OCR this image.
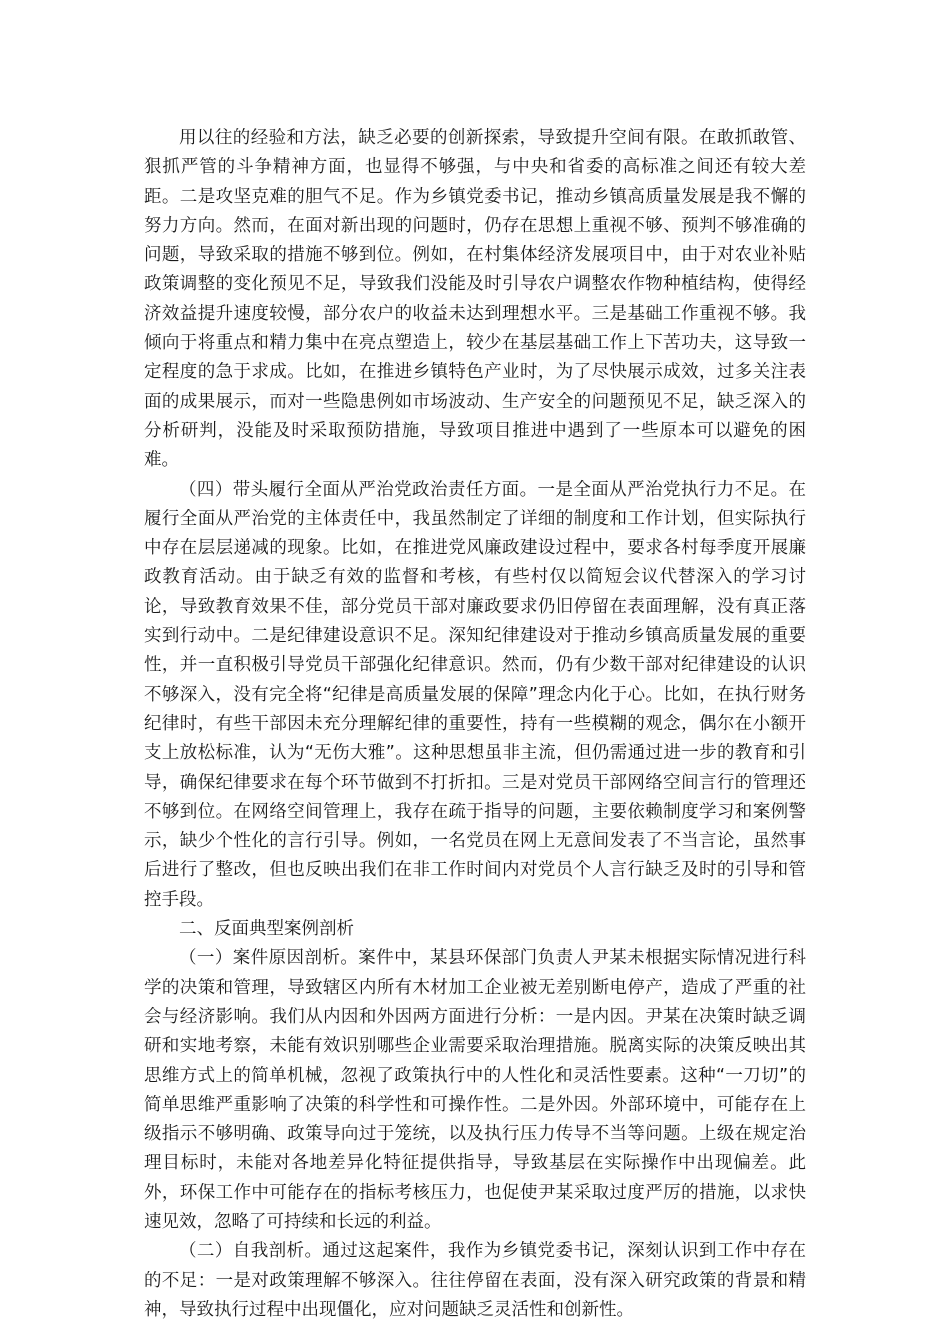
用以往的经验和方法，缺乏必要的创新探索，导致提升空间有限。在敢抓敢管、狠抓严管的斗争精神方面，也显得不够强，与中央和省委的高标准之间还有较大差距。二是攻坚克难的胆气不足。作为乡镇党委书记，推动乡镇高质量发展是我不懈的努力方向。然而，在面对新出现的问题时，仍存在思想上重视不够、预判不够准确的问题，导致采取的措施不够到位。例如，在村集体经济发展项目中，由于对农业补贴政策调整的变化预见不足，导致我们没能及时引导农户调整农作物种植结构，使得经济效益提升速度较慢，部分农户的收益未达到理想水平。三是基础工作重视不够。我倾向于将重点和精力集中在亮点塑造上，较少在基层基础工作上下苦功夫，这导致一定程度的急于求成。比如，在推进乡镇特色产业时，为了尽快展示成效，过多关注表面的成果展示，而对一些隐患例如市场波动、生产安全的问题预见不足，缺乏深入的分析研判，没能及时采取预防措施，导致项目推进中遇到了一些原本可以避免的困难。

（四）带头履行全面从严治党政治责任方面。一是全面从严治党执行力不足。在履行全面从严治党的主体责任中，我虽然制定了详细的制度和工作计划，但实际执行中存在层层递减的现象。比如，在推进党风廉政建设过程中，要求各村每季度开展廉政教育活动。由于缺乏有效的监督和考核，有些村仅以简短会议代替深入的学习讨论，导致教育效果不佳，部分党员干部对廉政要求仍旧停留在表面理解，没有真正落实到行动中。二是纪律建设意识不足。深知纪律建设对于推动乡镇高质量发展的重要性，并一直积极引导党员干部强化纪律意识。然而，仍有少数干部对纪律建设的认识不够深入，没有完全将“纪律是高质量发展的保障”理念内化于心。比如，在执行财务纪律时，有些干部因未充分理解纪律的重要性，持有一些模糊的观念，偶尔在小额开支上放松标准，认为“无伤大雅”。这种思想虽非主流，但仍需通过进一步的教育和引导，确保纪律要求在每个环节做到不打折扣。三是对党员干部网络空间言行的管理还不够到位。在网络空间管理上，我存在疏于指导的问题，主要依赖制度学习和案例警示，缺少个性化的言行引导。例如，一名党员在网上无意间发表了不当言论，虽然事后进行了整改，但也反映出我们在非工作时间内对党员个人言行缺乏及时的引导和管控手段。

二、反面典型案例剖析

（一）案件原因剖析。案件中，某县环保部门负责人尹某未根据实际情况进行科学的决策和管理，导致辖区内所有木材加工企业被无差别断电停产，造成了严重的社会与经济影响。我们从内因和外因两方面进行分析：一是内因。尹某在决策时缺乏调研和实地考察，未能有效识别哪些企业需要采取治理措施。脱离实际的决策反映出其思维方式上的简单机械，忽视了政策执行中的人性化和灵活性要素。这种“一刀切”的简单思维严重影响了决策的科学性和可操作性。二是外因。外部环境中，可能存在上级指示不够明确、政策导向过于笼统，以及执行压力传导不当等问题。上级在规定治理目标时，未能对各地差异化特征提供指导，导致基层在实际操作中出现偏差。此外，环保工作中可能存在的指标考核压力，也促使尹某采取过度严厉的措施，以求快速见效，忽略了可持续和长远的利益。

（二）自我剖析。通过这起案件，我作为乡镇党委书记，深刻认识到工作中存在的不足：一是对政策理解不够深入。往往停留在表面，没有深入研究政策的背景和精神，导致执行过程中出现僵化，应对问题缺乏灵活性和创新性。
